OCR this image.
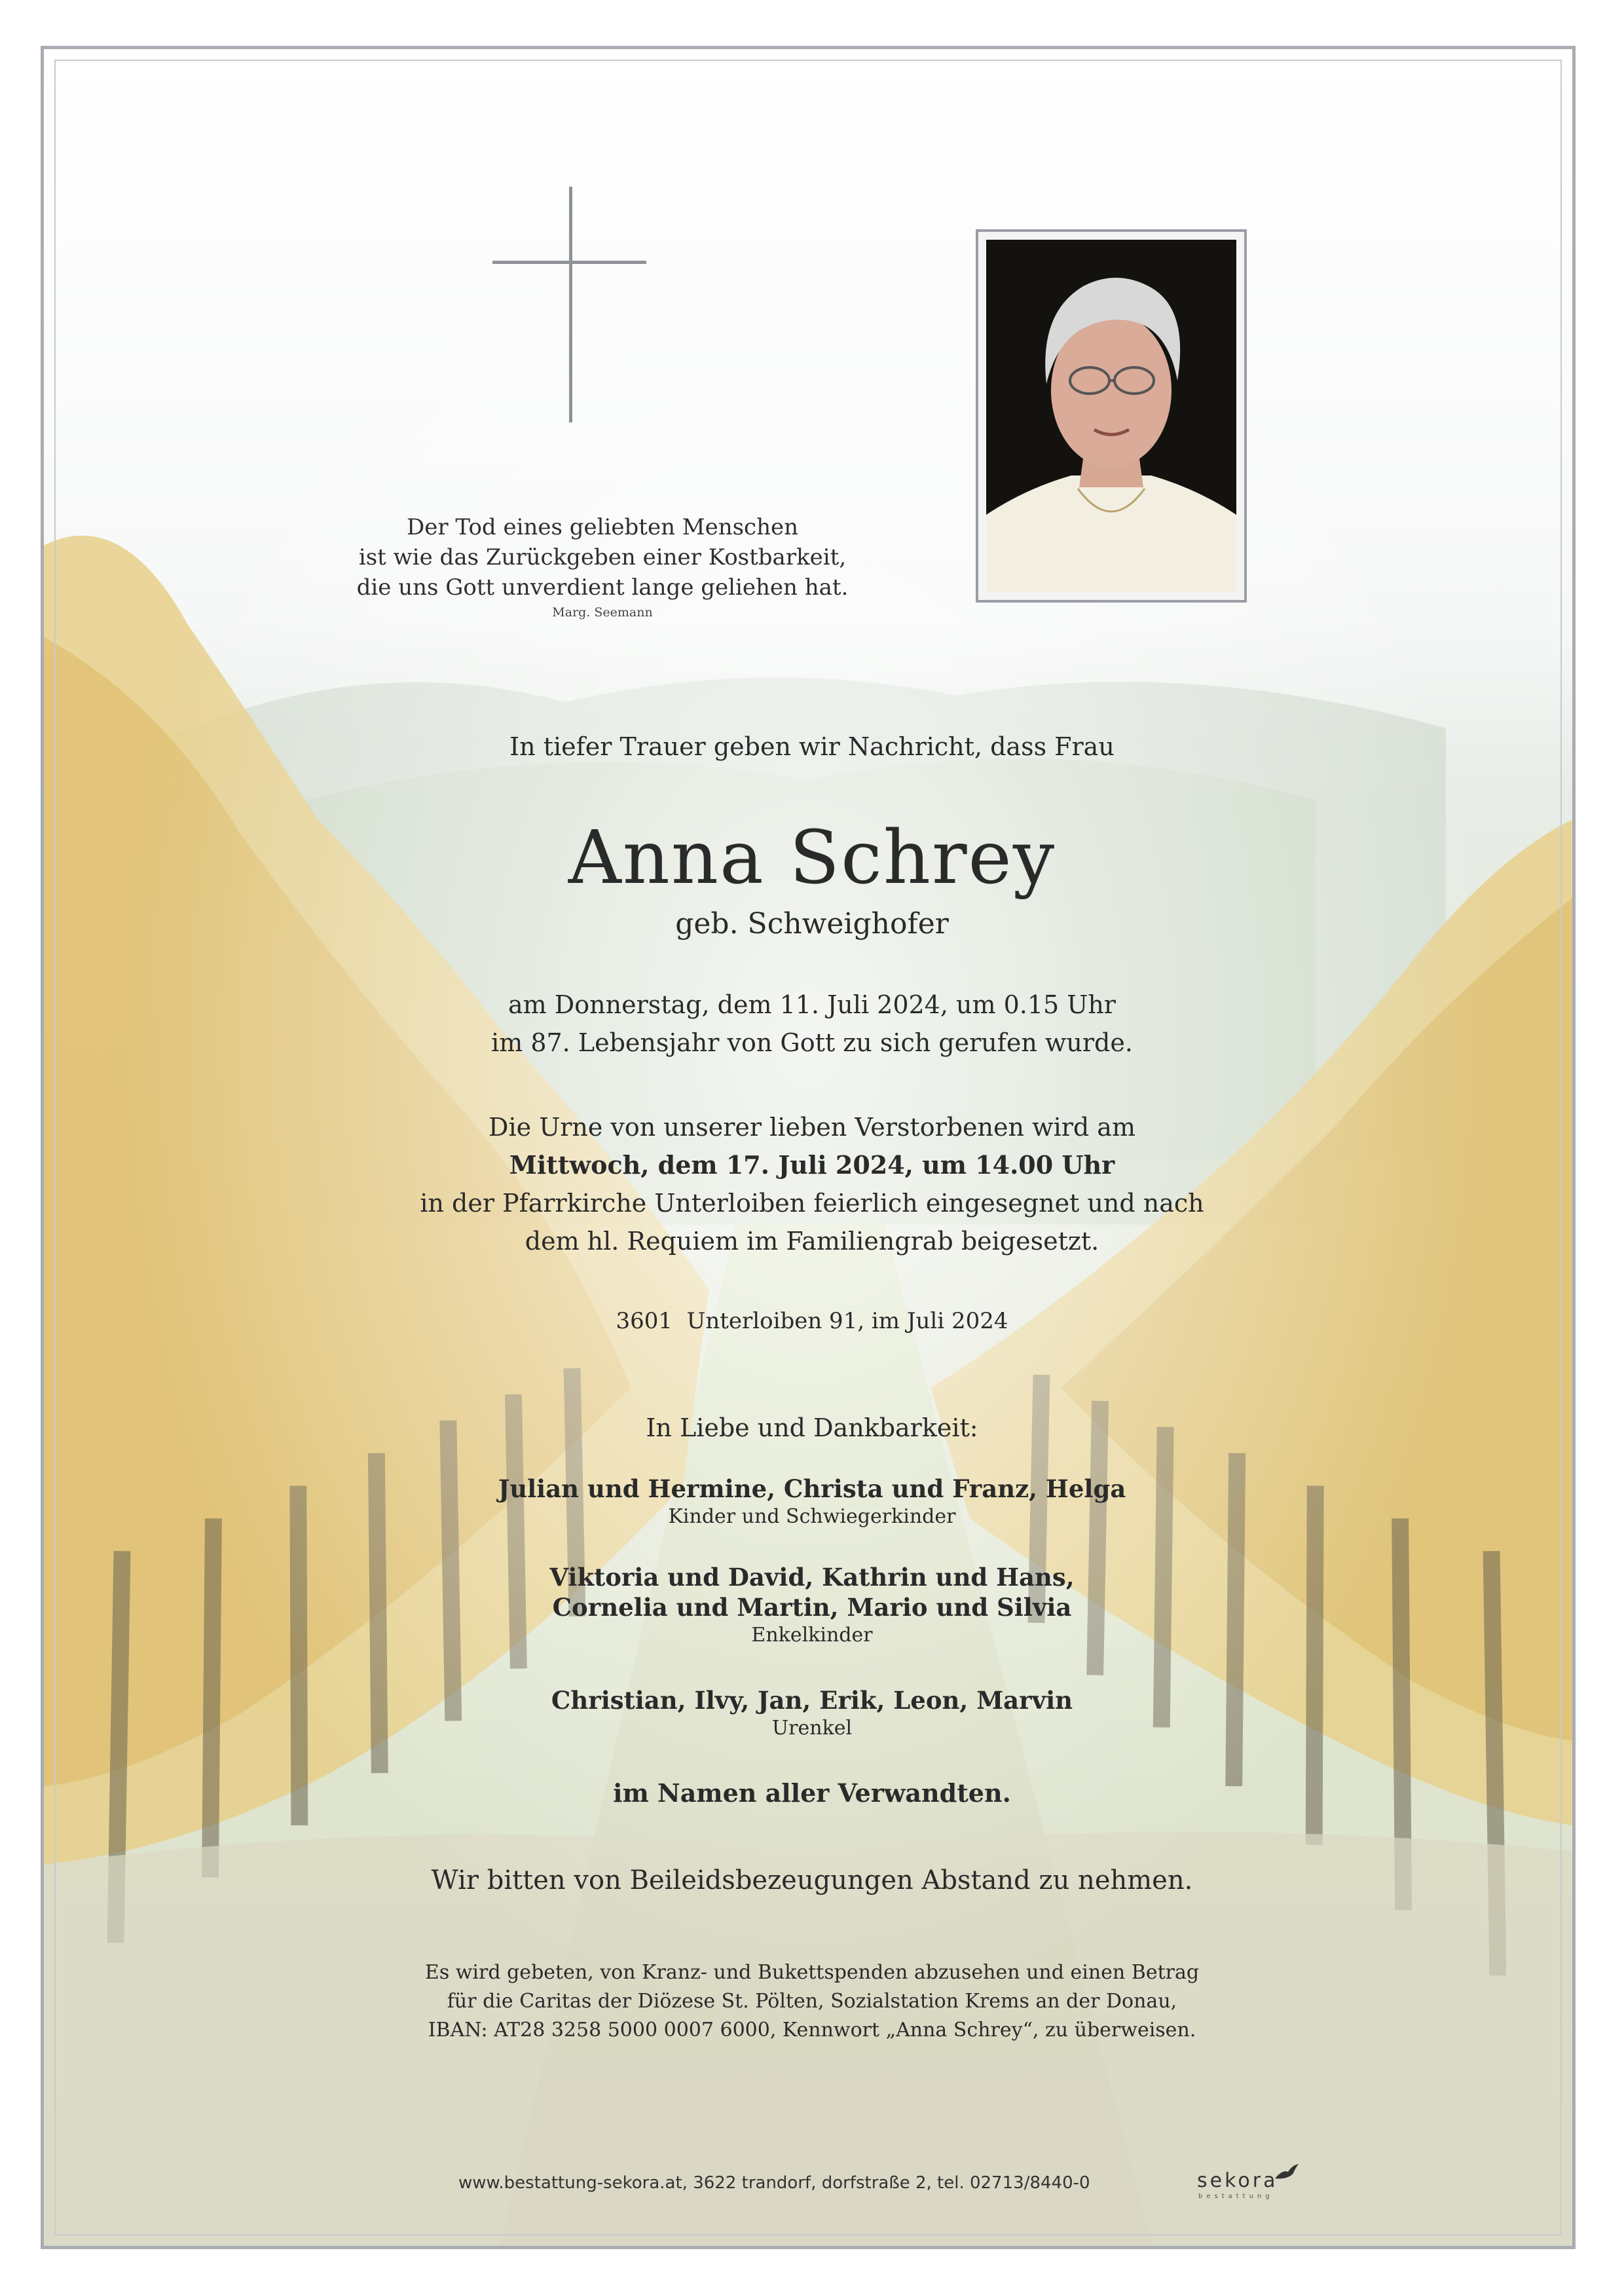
Der Tod eines geliebten Menschen
ist wie das Zurückgeben einer Kostbarkeit,
die uns Gott unverdient lange geliehen hat.
Marg. Seemann
In tiefer Trauer geben wir Nachricht, dass Frau
Anna Schrey
geb. Schweighofer
am Donnerstag, dem 11. Juli 2024, um 0.15 Uhr
im 87. Lebensjahr von Gott zu sich gerufen wurde.
Die Urne von unserer lieben Verstorbenen wird am
Mittwoch, dem 17. Juli 2024, um 14.00 Uhr
in der Pfarrkirche Unterloiben feierlich eingesegnet und nach
dem hl. Requiem im Familiengrab beigesetzt.
3601  Unterloiben 91, im Juli 2024
In Liebe und Dankbarkeit:
Julian und Hermine, Christa und Franz, Helga
Kinder und Schwiegerkinder
Viktoria und David, Kathrin und Hans,
Cornelia und Martin, Mario und Silvia
Enkelkinder
Christian, Ilvy, Jan, Erik, Leon, Marvin
Urenkel
im Namen aller Verwandten.
Wir bitten von Beileidsbezeugungen Abstand zu nehmen.
Es wird gebeten, von Kranz- und Bukettspenden abzusehen und einen Betrag
für die Caritas der Diözese St. Pölten, Sozialstation Krems an der Donau,
IBAN: AT28 3258 5000 0007 6000, Kennwort „Anna Schrey“, zu überweisen.
www.bestattung-sekora.at, 3622 trandorf, dorfstraße 2, tel. 02713/8440-0	sekora
bestattung
